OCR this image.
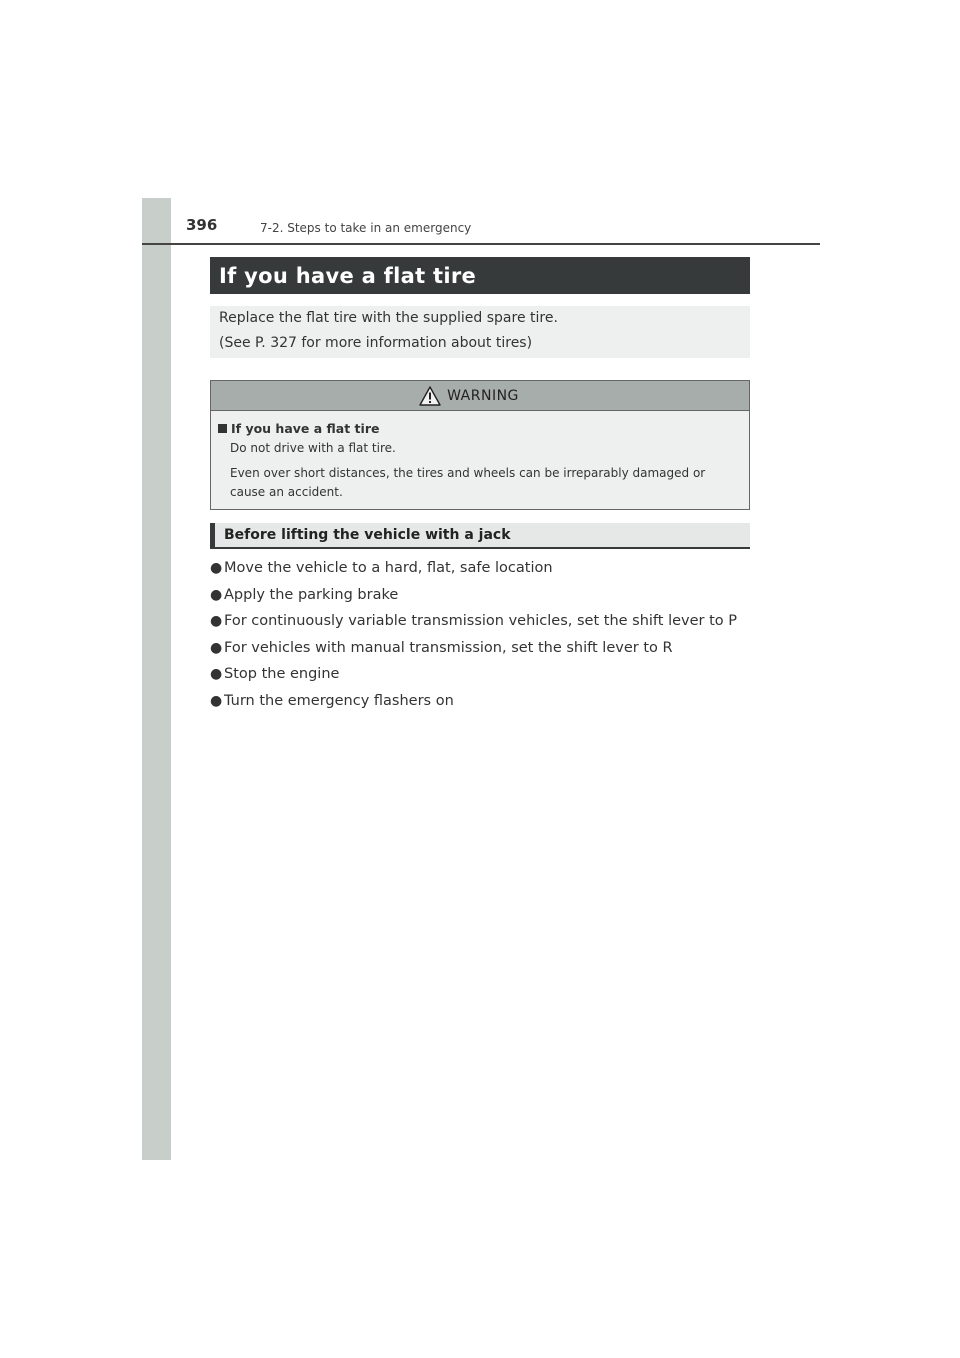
396	7-2. Steps to take in an emergency
If you have a flat tire

Replace the flat tire with the supplied spare tire.

(See P. 327 for more information about tires)

WARNING

If you have a flat tire

Do not drive with a flat tire.

Even over short distances, the tires and wheels can be irreparably damaged or cause an accident.

Before lifting the vehicle with a jack
● Move the vehicle to a hard, flat, safe location
● Apply the parking brake
● For continuously variable transmission vehicles, set the shift lever to P
● For vehicles with manual transmission, set the shift lever to R
● Stop the engine
● Turn the emergency flashers on
